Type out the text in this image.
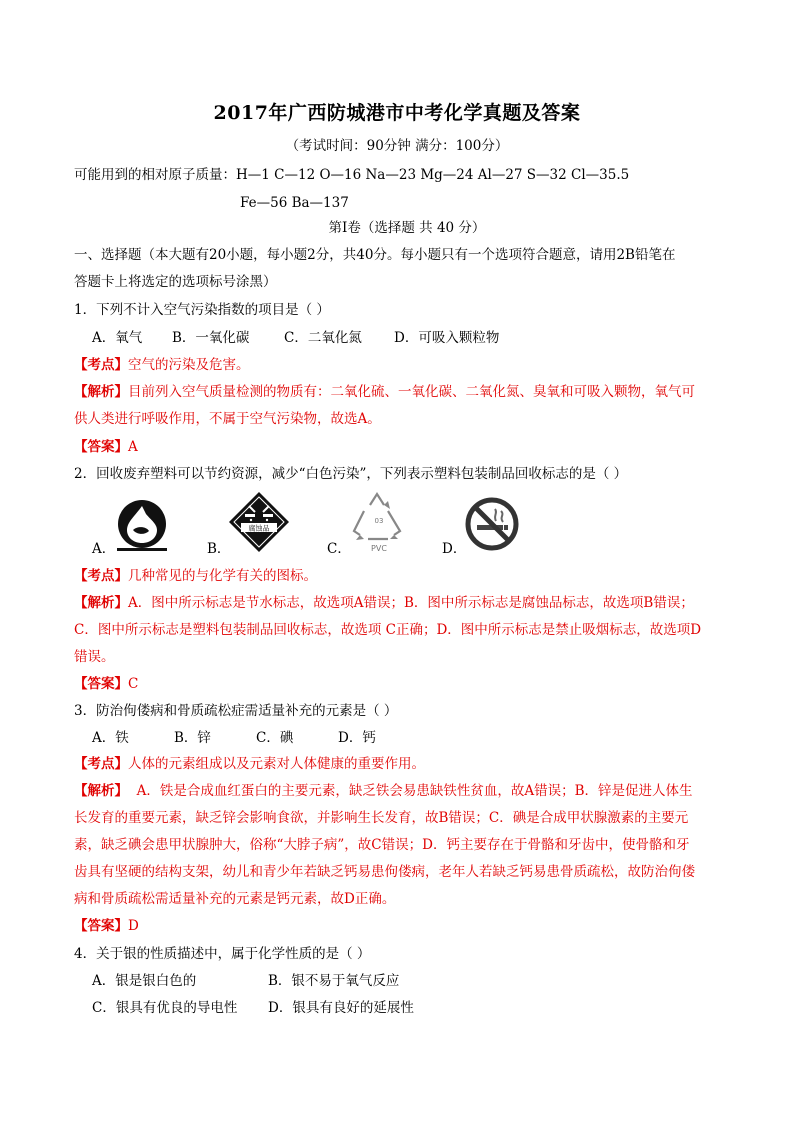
2017年广西防城港市中考化学真题及答案
（考试时间：90分钟 满分：100分）
可能用到的相对原子质量：H—1 C—12 O—16 Na—23 Mg—24 Al—27 S—32 Cl—35.5
Fe—56 Ba—137
第Ⅰ卷（选择题 共 40 分）
一、选择题（本大题有20小题，每小题2分，共40分。每小题只有一个选项符合题意，请用2B铅笔在
答题卡上将选定的选项标号涂黑）
1．下列不计入空气污染指数的项目是（ ）
A．氧气 B．一氧化碳	C．二氧化氮 D．可吸入颗粒物
【考点】空气的污染及危害。
【解析】目前列入空气质量检测的物质有：二氧化硫、一氧化碳、二氧化氮、臭氧和可吸入颗物，氧气可
供人类进行呼吸作用，不属于空气污染物，故选A。
【答案】A
2．回收废弃塑料可以节约资源，减少“白色污染”，下列表示塑料包装制品回收标志的是（ ）
A．	B．	C．	D．
腐蚀品
03
PVC
【考点】几种常见的与化学有关的图标。
【解析】A．图中所示标志是节水标志，故选项A错误；B．图中所示标志是腐蚀品标志，故选项B错误；
C．图中所示标志是塑料包装制品回收标志，故选项 C正确；D．图中所示标志是禁止吸烟标志，故选项D
错误。
【答案】C
3．防治佝偻病和骨质疏松症需适量补充的元素是（ ）
A．铁	B．锌	C．碘	D．钙
【考点】人体的元素组成以及元素对人体健康的重要作用。
【解析】  A．铁是合成血红蛋白的主要元素，缺乏铁会易患缺铁性贫血，故A错误；B．锌是促进人体生
长发育的重要元素，缺乏锌会影响食欲，并影响生长发育，故B错误；C．碘是合成甲状腺激素的主要元
素，缺乏碘会患甲状腺肿大，俗称“大脖子病”，故C错误；D．钙主要存在于骨骼和牙齿中，使骨骼和牙
齿具有坚硬的结构支架，幼儿和青少年若缺乏钙易患佝偻病，老年人若缺乏钙易患骨质疏松，故防治佝偻
病和骨质疏松需适量补充的元素是钙元素，故D正确。
【答案】D
4．关于银的性质描述中，属于化学性质的是（ ）
A．银是银白色的	B．银不易于氧气反应
C．银具有优良的导电性 D．银具有良好的延展性
